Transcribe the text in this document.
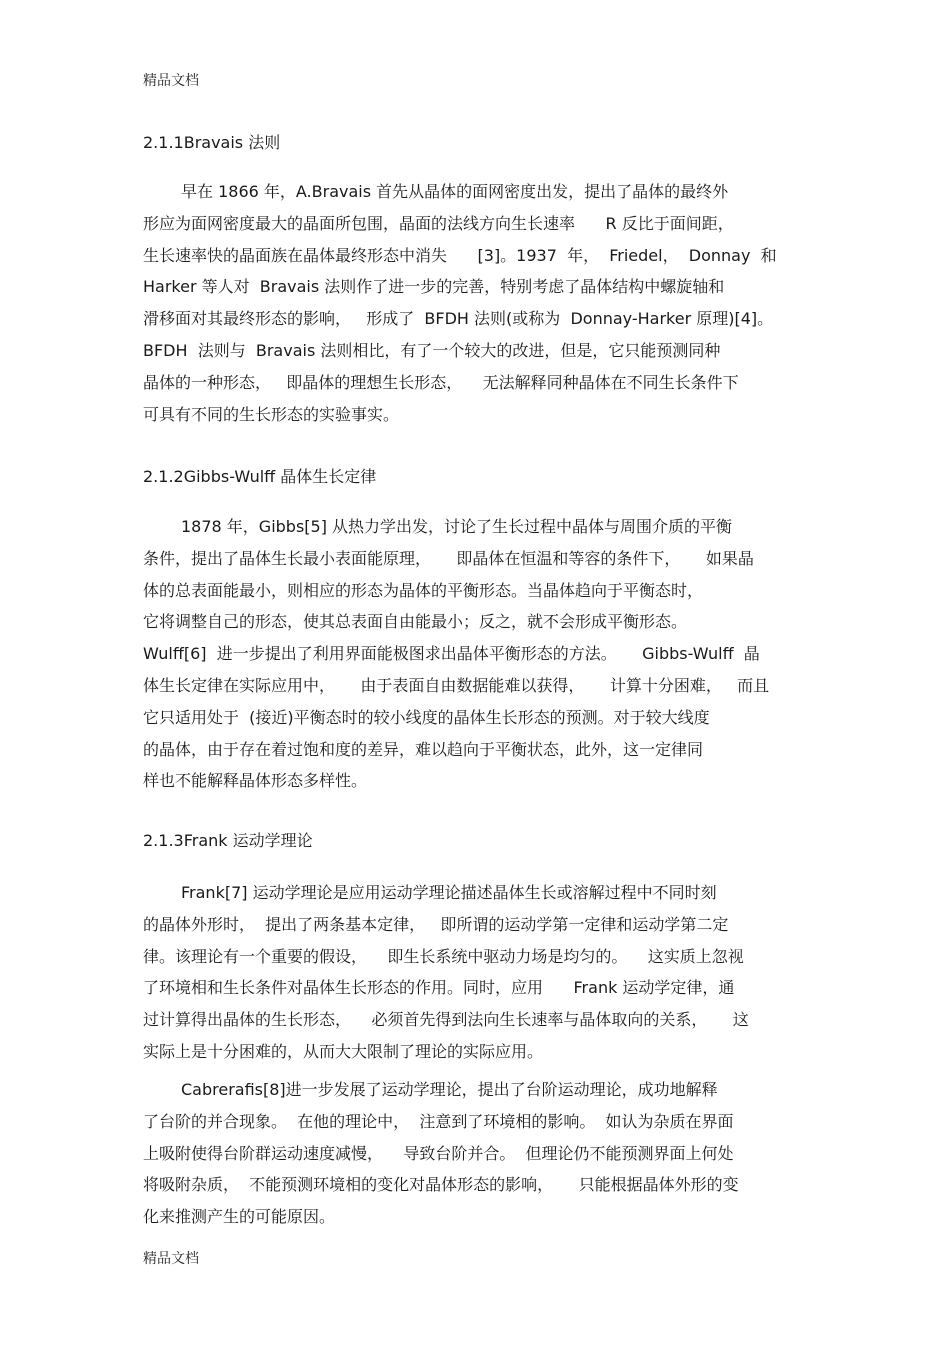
精品文档
2.1.1Bravais 法则
早在 1866 年，A.Bravais 首先从晶体的面网密度出发，提出了晶体的最终外
形应为面网密度最大的晶面所包围，晶面的法线方向生长速率      R 反比于面间距，
生长速率快的晶面族在晶体最终形态中消失      [3]。1937  年，  Friedel，  Donnay  和
Harker 等人对  Bravais 法则作了进一步的完善，特别考虑了晶体结构中螺旋轴和
滑移面对其最终形态的影响，   形成了  BFDH 法则(或称为  Donnay-Harker 原理)[4]。
BFDH  法则与  Bravais 法则相比，有了一个较大的改进，但是，它只能预测同种
晶体的一种形态，   即晶体的理想生长形态，    无法解释同种晶体在不同生长条件下
可具有不同的生长形态的实验事实。
2.1.2Gibbs-Wulff 晶体生长定律
1878 年，Gibbs[5] 从热力学出发，讨论了生长过程中晶体与周围介质的平衡
条件，提出了晶体生长最小表面能原理，     即晶体在恒温和等容的条件下，     如果晶
体的总表面能最小，则相应的形态为晶体的平衡形态。当晶体趋向于平衡态时，
它将调整自己的形态，使其总表面自由能最小；反之，就不会形成平衡形态。
Wulff[6]  进一步提出了利用界面能极图求出晶体平衡形态的方法。     Gibbs-Wulff  晶
体生长定律在实际应用中，     由于表面自由数据能难以获得，     计算十分困难，   而且
它只适用处于  (接近)平衡态时的较小线度的晶体生长形态的预测。对于较大线度
的晶体，由于存在着过饱和度的差异，难以趋向于平衡状态，此外，这一定律同
样也不能解释晶体形态多样性。
2.1.3Frank 运动学理论
Frank[7] 运动学理论是应用运动学理论描述晶体生长或溶解过程中不同时刻
的晶体外形时，  提出了两条基本定律，   即所谓的运动学第一定律和运动学第二定
律。该理论有一个重要的假设，    即生长系统中驱动力场是均匀的。    这实质上忽视
了环境相和生长条件对晶体生长形态的作用。同时，应用      Frank 运动学定律，通
过计算得出晶体的生长形态，    必须首先得到法向生长速率与晶体取向的关系，     这
实际上是十分困难的，从而大大限制了理论的实际应用。
Cabrerafis[8]进一步发展了运动学理论，提出了台阶运动理论，成功地解释
了台阶的并合现象。  在他的理论中，  注意到了环境相的影响。  如认为杂质在界面
上吸附使得台阶群运动速度减慢，    导致台阶并合。  但理论仍不能预测界面上何处
将吸附杂质，  不能预测环境相的变化对晶体形态的影响，     只能根据晶体外形的变
化来推测产生的可能原因。
精品文档
